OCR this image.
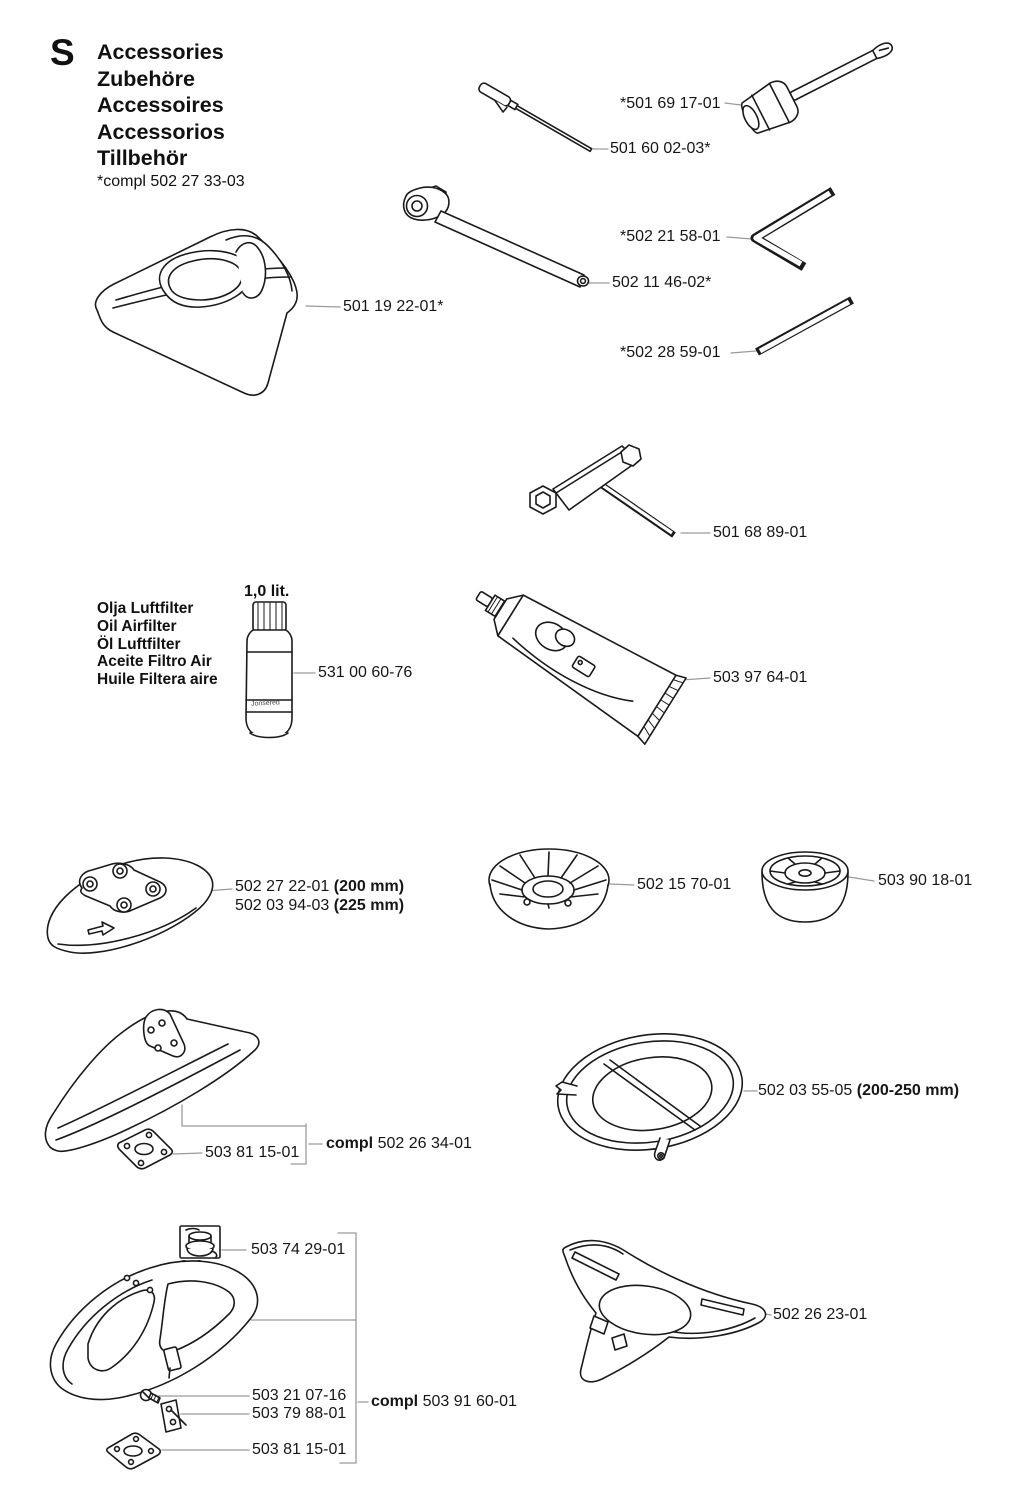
S Accessories
Zubehöre
Accessoires
Accessorios
Tillbehör
*compl 502 27 33-03
1,0 lit.
Olja Luftfilter
Oil Airfilter
Öl Luftfilter
Aceite Filtro Air
Huile Filtera aire
Jonsered
*501 69 17-01
501 60 02-03*
*502 21 58-01
502 11 46-02*
*502 28 59-01
501 19 22-01*
501 68 89-01
531 00 60-76	503 97 64-01
502 27 22-01 (200 mm)
502 03 94-03 (225 mm)
502 15 70-01	503 90 18-01
503 81 15-01
compl 502 26 34-01
502 03 55-05 (200-250 mm)
503 74 29-01
502 26 23-01
503 21 07-16
503 79 88-01
compl 503 91 60-01
503 81 15-01
